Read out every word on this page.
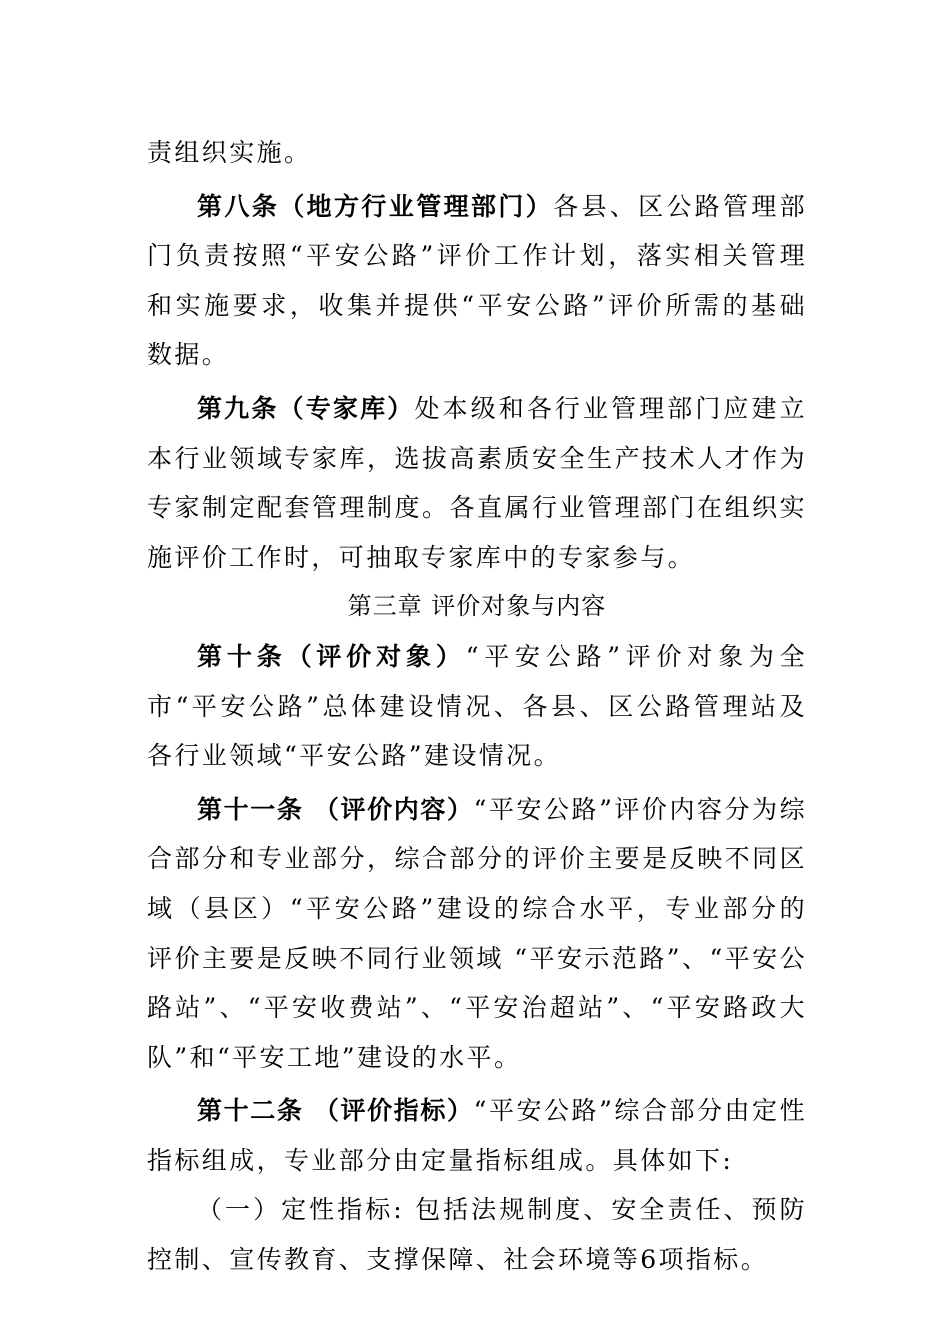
责组织实施。

第八条（地方行业管理部门）各县、区公路管理部门负责按照“平安公路”评价工作计划，落实相关管理和实施要求，收集并提供“平安公路”评价所需的基础数据。

第九条（专家库）处本级和各行业管理部门应建立本行业领域专家库，选拔高素质安全生产技术人才作为专家制定配套管理制度。各直属行业管理部门在组织实施评价工作时，可抽取专家库中的专家参与。

第三章 评价对象与内容

第十条（评价对象）“平安公路”评价对象为全市“平安公路”总体建设情况、各县、区公路管理站及各行业领域“平安公路”建设情况。

第十一条 （评价内容）“平安公路”评价内容分为综合部分和专业部分，综合部分的评价主要是反映不同区域（县区）“平安公路”建设的综合水平，专业部分的评价主要是反映不同行业领域 “平安示范路”、“平安公路站”、“平安收费站”、“平安治超站”、“平安路政大队”和“平安工地”建设的水平。

第十二条 （评价指标）“平安公路”综合部分由定性指标组成，专业部分由定量指标组成。具体如下:

（一）定性指标: 包括法规制度、安全责任、预防控制、宣传教育、支撑保障、社会环境等6项指标。
